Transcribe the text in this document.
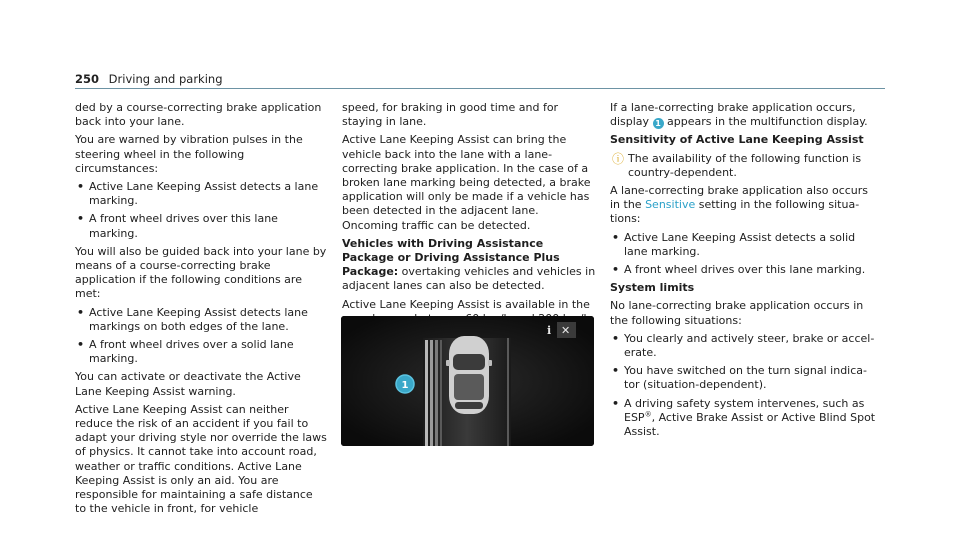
250 Driving and parking

ded by a course-correcting brake application back into your lane.

You are warned by vibration pulses in the steering wheel in the following circumstances:

• Active Lane Keeping Assist detects a lane marking.
• A front wheel drives over this lane marking.

You will also be guided back into your lane by means of a course-correcting brake application if the following conditions are met:

• Active Lane Keeping Assist detects lane markings on both edges of the lane.
• A front wheel drives over a solid lane marking.

You can activate or deactivate the Active Lane Keeping Assist warning.

Active Lane Keeping Assist can neither reduce the risk of an accident if you fail to adapt your driving style nor override the laws of physics. It cannot take into account road, weather or traffic conditions. Active Lane Keeping Assist is only an aid. You are responsible for maintaining a safe distance to the vehicle in front, for vehicle

speed, for braking in good time and for staying in lane.

Active Lane Keeping Assist can bring the vehicle back into the lane with a lane-correcting brake application. In the case of a broken lane marking being detected, a brake application will only be made if a vehicle has been detected in the adjacent lane. Oncoming traffic can be detected.

Vehicles with Driving Assistance Package or Driving Assistance Plus Package: overtaking vehicles and vehicles in adjacent lanes can also be detected.

Active Lane Keeping Assist is available in the

i ✕
1

If a lane-correcting brake application occurs, display 1 appears in the multifunction display.

Sensitivity of Active Lane Keeping Assist

ⓘ The availability of the following function is country-dependent.

A lane-correcting brake application also occurs in the Sensitive setting in the following situations:

• Active Lane Keeping Assist detects a solid lane marking.
• A front wheel drives over this lane marking.

System limits

No lane-correcting brake application occurs in the following situations:

• You clearly and actively steer, brake or accelerate.
• You have switched on the turn signal indicator (situation-dependent).
• A driving safety system intervenes, such as ESP®, Active Brake Assist or Active Blind Spot Assist.
